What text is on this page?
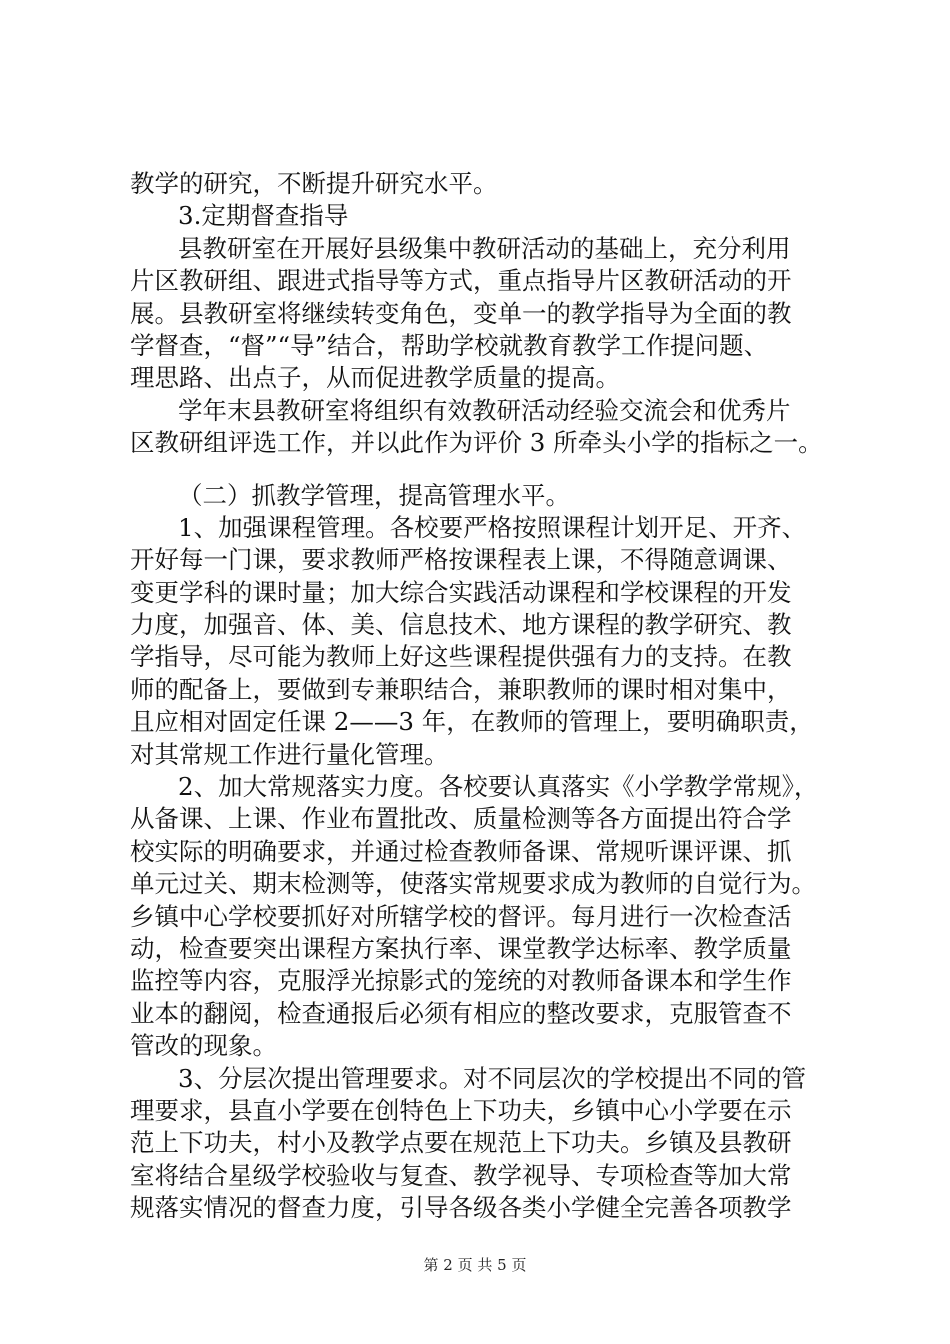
教学的研究，不断提升研究水平。
3.定期督查指导
县教研室在开展好县级集中教研活动的基础上，充分利用
片区教研组、跟进式指导等方式，重点指导片区教研活动的开
展。县教研室将继续转变角色，变单一的教学指导为全面的教
学督查，“督”“导”结合，帮助学校就教育教学工作提问题、
理思路、出点子，从而促进教学质量的提高。
学年末县教研室将组织有效教研活动经验交流会和优秀片
区教研组评选工作，并以此作为评价 3 所牵头小学的指标之一。
（二）抓教学管理，提高管理水平。
1、加强课程管理。各校要严格按照课程计划开足、开齐、
开好每一门课，要求教师严格按课程表上课，不得随意调课、
变更学科的课时量；加大综合实践活动课程和学校课程的开发
力度，加强音、体、美、信息技术、地方课程的教学研究、教
学指导，尽可能为教师上好这些课程提供强有力的支持。在教
师的配备上，要做到专兼职结合，兼职教师的课时相对集中，
且应相对固定任课 2——3 年，在教师的管理上，要明确职责，
对其常规工作进行量化管理。
2、加大常规落实力度。各校要认真落实《小学教学常规》，
从备课、上课、作业布置批改、质量检测等各方面提出符合学
校实际的明确要求，并通过检查教师备课、常规听课评课、抓
单元过关、期末检测等，使落实常规要求成为教师的自觉行为。
乡镇中心学校要抓好对所辖学校的督评。每月进行一次检查活
动，检查要突出课程方案执行率、课堂教学达标率、教学质量
监控等内容，克服浮光掠影式的笼统的对教师备课本和学生作
业本的翻阅，检查通报后必须有相应的整改要求，克服管查不
管改的现象。
3、分层次提出管理要求。对不同层次的学校提出不同的管
理要求，县直小学要在创特色上下功夫，乡镇中心小学要在示
范上下功夫，村小及教学点要在规范上下功夫。乡镇及县教研
室将结合星级学校验收与复查、教学视导、专项检查等加大常
规落实情况的督查力度，引导各级各类小学健全完善各项教学
第 2 页 共 5 页
